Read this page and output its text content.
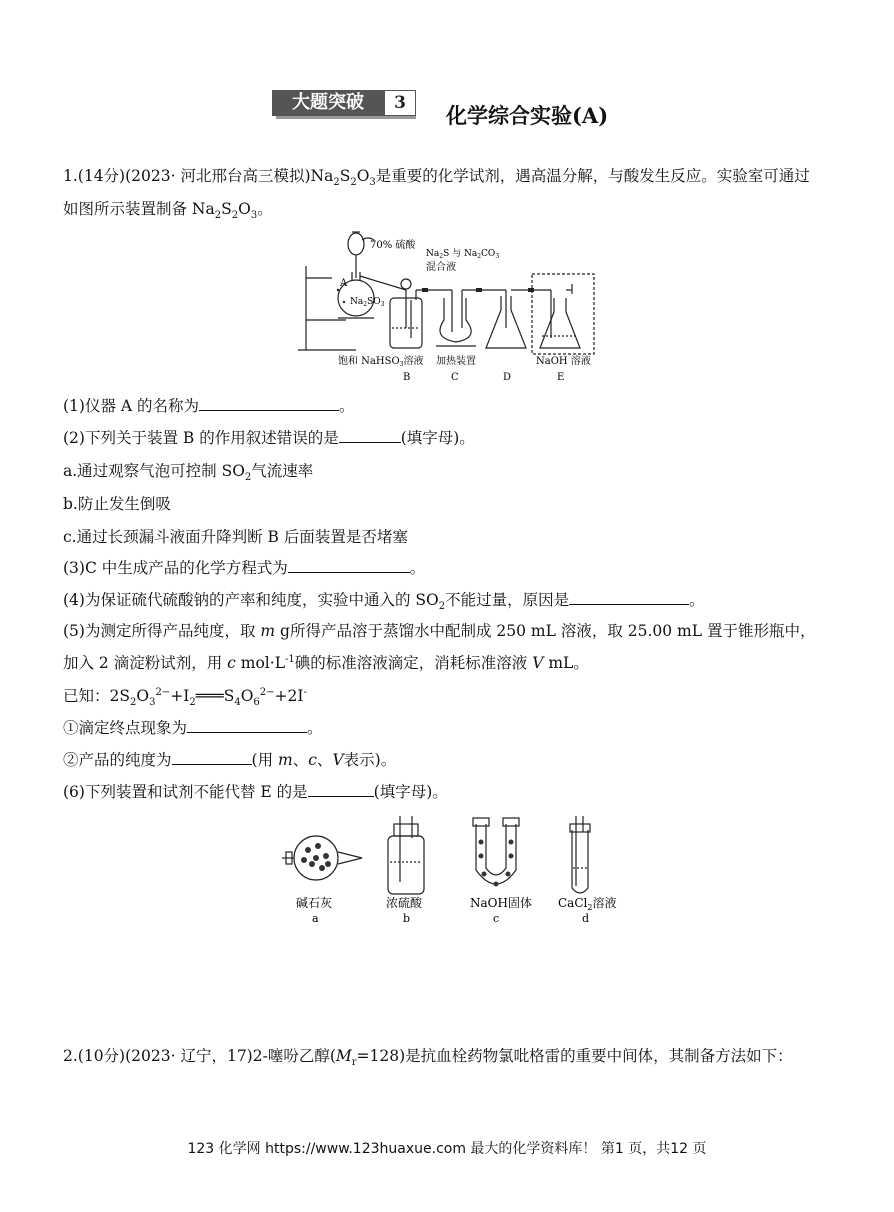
大题突破	3	化学综合实验(A)
1.(14分)(2023· 河北邢台高三模拟)$Na_2S_2O_3$是重要的化学试剂，遇高温分解，与酸发生反应。实验室可通过
如图所示装置制备 $Na_2S_2O_3$。
70% 硫酸
A
$Na_2SO_3$
$Na_2S$ 与 $Na_2CO_3$
混合液
饱和 NaHSO$_3$溶液 加热装置	NaOH 溶液
B	C	D	E
(1)仪器 A 的名称为	。
(2)下列关于装置 B 的作用叙述错误的是	(填字母)。
a.通过观察气泡可控制 $SO_2$气流速率
b.防止发生倒吸
c.通过长颈漏斗液面升降判断 B 后面装置是否堵塞
(3)C 中生成产品的化学方程式为	。
(4)为保证硫代硫酸钠的产率和纯度，实验中通入的 $SO_2$不能过量，原因是	。
(5)为测定所得产品纯度，取 m g所得产品溶于蒸馏水中配制成 250 mL 溶液，取 25.00 mL 置于锥形瓶中，
加入 2 滴淀粉试剂，用 c $mol\cdot L^{-1}$碘的标准溶液滴定，消耗标准溶液 V mL。
已知：$2S_2O_3^{2-}+I_2═══S_4O_6^{2-}+2I^-$
①滴定终点现象为	。
②产品的纯度为	(用 m、c、V表示)。
(6)下列装置和试剂不能代替 E 的是	(填字母)。
碱石灰	浓硫酸	NaOH固体 CaCl$_2$溶液
a	b	c	d
2.(10分)(2023· 辽宁，17)2-噻吩乙醇$(M_r=128)$是抗血栓药物氯吡格雷的重要中间体，其制备方法如下：
123 化学网 https://www.123huaxue.com 最大的化学资料库！ 第1 页，共12 页
